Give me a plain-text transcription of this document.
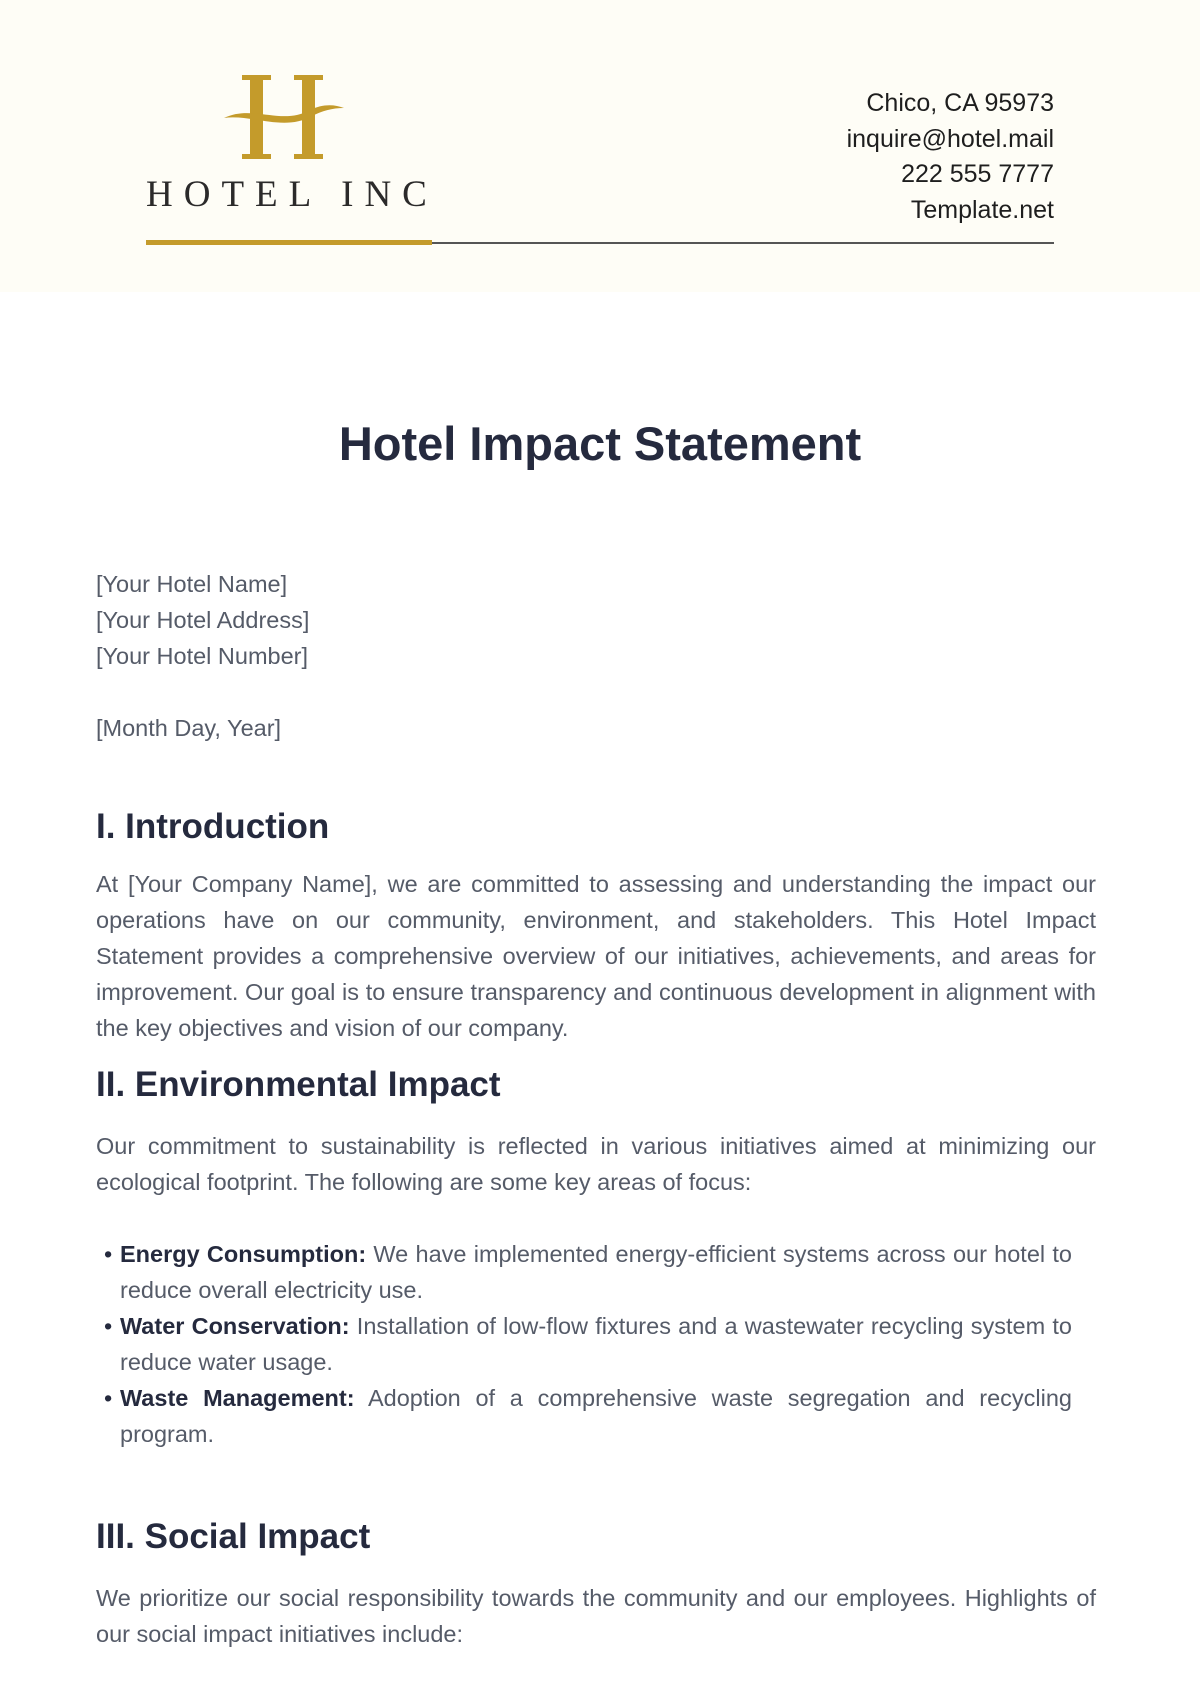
HOTEL INC
Chico, CA 95973
inquire@hotel.mail
222 555 7777
Template.net
Hotel Impact Statement
[Your Hotel Name]
[Your Hotel Address]
[Your Hotel Number]
[Month Day, Year]
I. Introduction

At [Your Company Name], we are committed to assessing and understanding the impact our operations have on our community, environment, and stakeholders. This Hotel Impact Statement provides a comprehensive overview of our initiatives, achievements, and areas for improvement. Our goal is to ensure transparency and continuous development in alignment with the key objectives and vision of our company.

II. Environmental Impact

Our commitment to sustainability is reflected in various initiatives aimed at minimizing our ecological footprint. The following are some key areas of focus:

• Energy Consumption: We have implemented energy-efficient systems across our hotel to reduce overall electricity use.
• Water Conservation: Installation of low-flow fixtures and a wastewater recycling system to reduce water usage.
• Waste Management: Adoption of a comprehensive waste segregation and recycling program.
III. Social Impact

We prioritize our social responsibility towards the community and our employees. Highlights of our social impact initiatives include:
